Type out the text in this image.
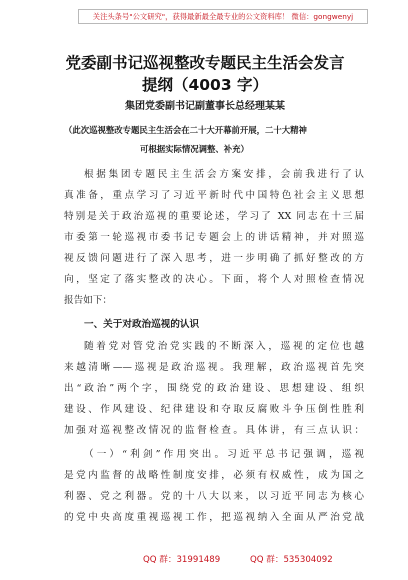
关注头条号"公文研究"，获得最新最全最专业的公文资料库！ 微信：gongwenyj
党委副书记巡视整改专题民主生活会发言
提纲（4003 字）
集团党委副书记副董事长总经理某某
（此次巡视整改专题民主生活会在二十大开幕前开展，二十大精神
可根据实际情况调整、补充）
根据集团专题民主生活会方案安排，会前我进行了认
真准备，重点学习了习近平新时代中国特色社会主义思想
特别是关于政治巡视的重要论述，学习了 XX 同志在十三届
市委第一轮巡视市委书记专题会上的讲话精神，并对照巡
视反馈问题进行了深入思考，进一步明确了抓好整改的方
向，坚定了落实整改的决心。下面，将个人对照检查情况
报告如下：
一、关于对政治巡视的认识
随着党对管党治党实践的不断深入，巡视的定位也越
来越清晰——巡视是政治巡视。我理解，政治巡视首先突
出“政治”两个字，围绕党的政治建设、思想建设、组织
建设、作风建设、纪律建设和夺取反腐败斗争压倒性胜利
加强对巡视整改情况的监督检查。具体讲，有三点认识：
（一）“利剑”作用突出。习近平总书记强调，巡视
是党内监督的战略性制度安排，必须有权威性，成为国之
利器、党之利器。党的十八大以来，以习近平同志为核心
的党中央高度重视巡视工作，把巡视纳入全面从严治党战
QQ 群：31991489	QQ 群：535304092
